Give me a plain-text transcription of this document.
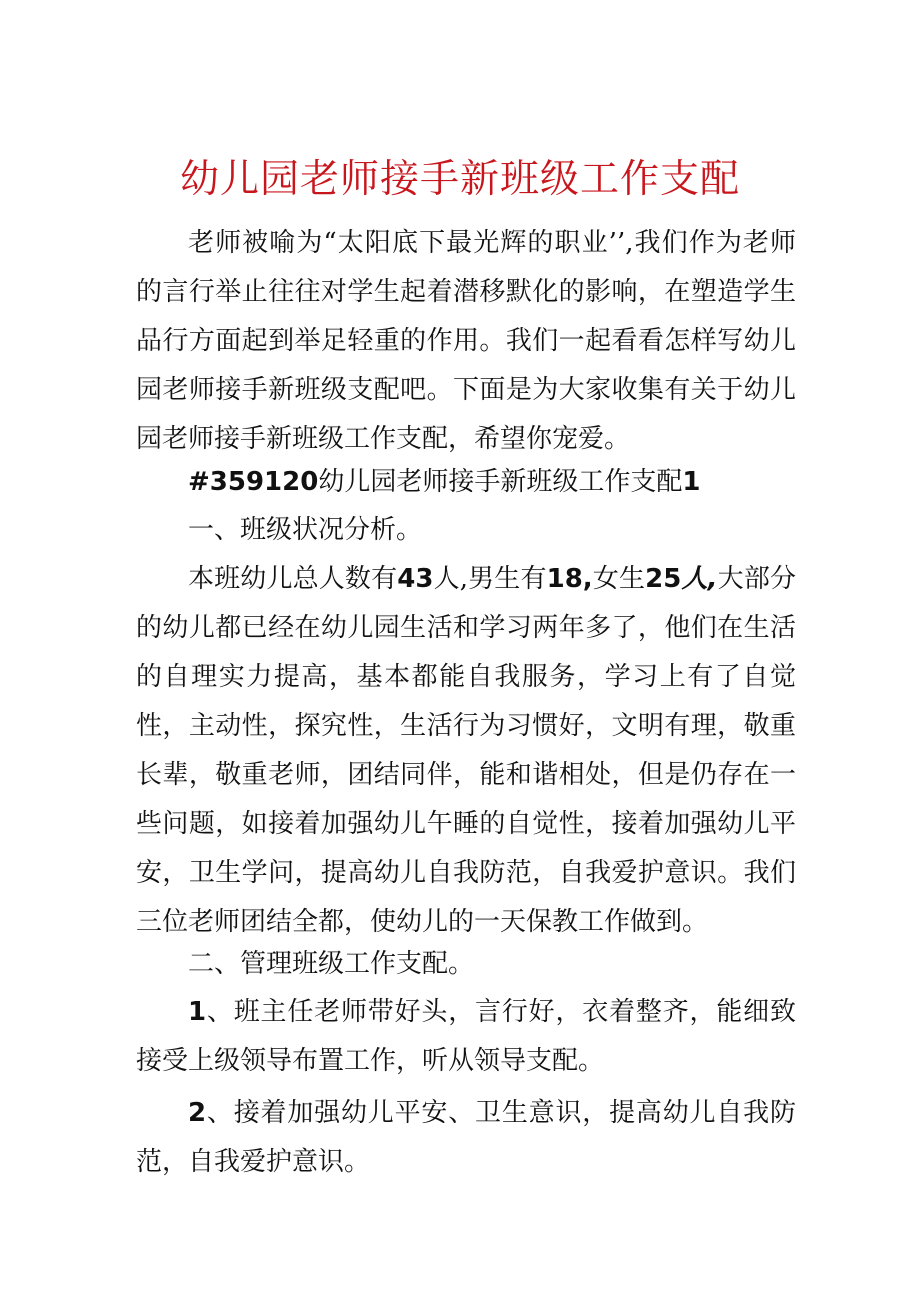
幼儿园老师接手新班级工作支配

老师被喻为“太阳底下最光辉的职业’’,我们作为老师的言行举止往往对学生起着潜移默化的影响，在塑造学生品行方面起到举足轻重的作用。我们一起看看怎样写幼儿园老师接手新班级支配吧。下面是为大家收集有关于幼儿园老师接手新班级工作支配，希望你宠爱。

#359120幼儿园老师接手新班级工作支配1

一、班级状况分析。

本班幼儿总人数有43人,男生有18,女生25人,大部分的幼儿都已经在幼儿园生活和学习两年多了，他们在生活的自理实力提高，基本都能自我服务，学习上有了自觉性，主动性，探究性，生活行为习惯好，文明有理，敬重长辈，敬重老师，团结同伴，能和谐相处，但是仍存在一些问题，如接着加强幼儿午睡的自觉性，接着加强幼儿平安，卫生学问，提高幼儿自我防范，自我爱护意识。我们三位老师团结全都，使幼儿的一天保教工作做到。

二、管理班级工作支配。

1、班主任老师带好头，言行好，衣着整齐，能细致接受上级领导布置工作，听从领导支配。

2、接着加强幼儿平安、卫生意识，提高幼儿自我防范，自我爱护意识。
